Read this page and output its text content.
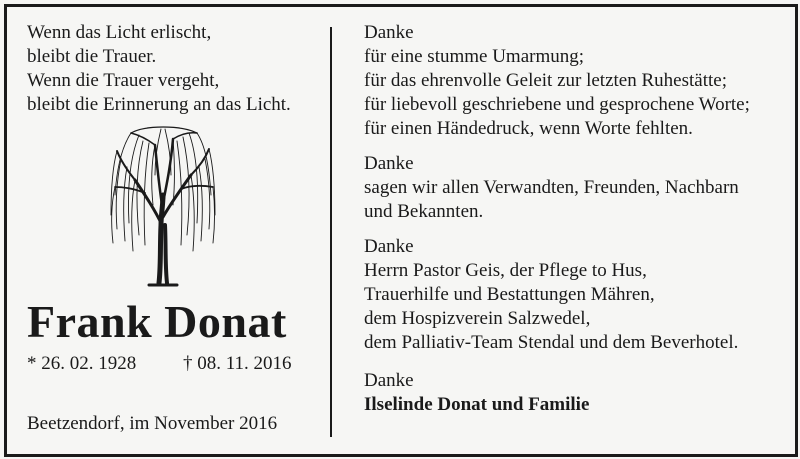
Wenn das Licht erlischt,
bleibt die Trauer.
Wenn die Trauer vergeht,
bleibt die Erinnerung an das Licht.
Frank Donat
* 26. 02. 1928 † 08. 11. 2016
Beetzendorf, im November 2016
Danke
für eine stumme Umarmung;
für das ehrenvolle Geleit zur letzten Ruhestätte;
für liebevoll geschriebene und gesprochene Worte;
für einen Händedruck, wenn Worte fehlten.
Danke
sagen wir allen Verwandten, Freunden, Nachbarn
und Bekannten.
Danke
Herrn Pastor Geis, der Pflege to Hus,
Trauerhilfe und Bestattungen Mähren,
dem Hospizverein Salzwedel,
dem Palliativ-Team Stendal und dem Beverhotel.
Danke
Ilselinde Donat und Familie
